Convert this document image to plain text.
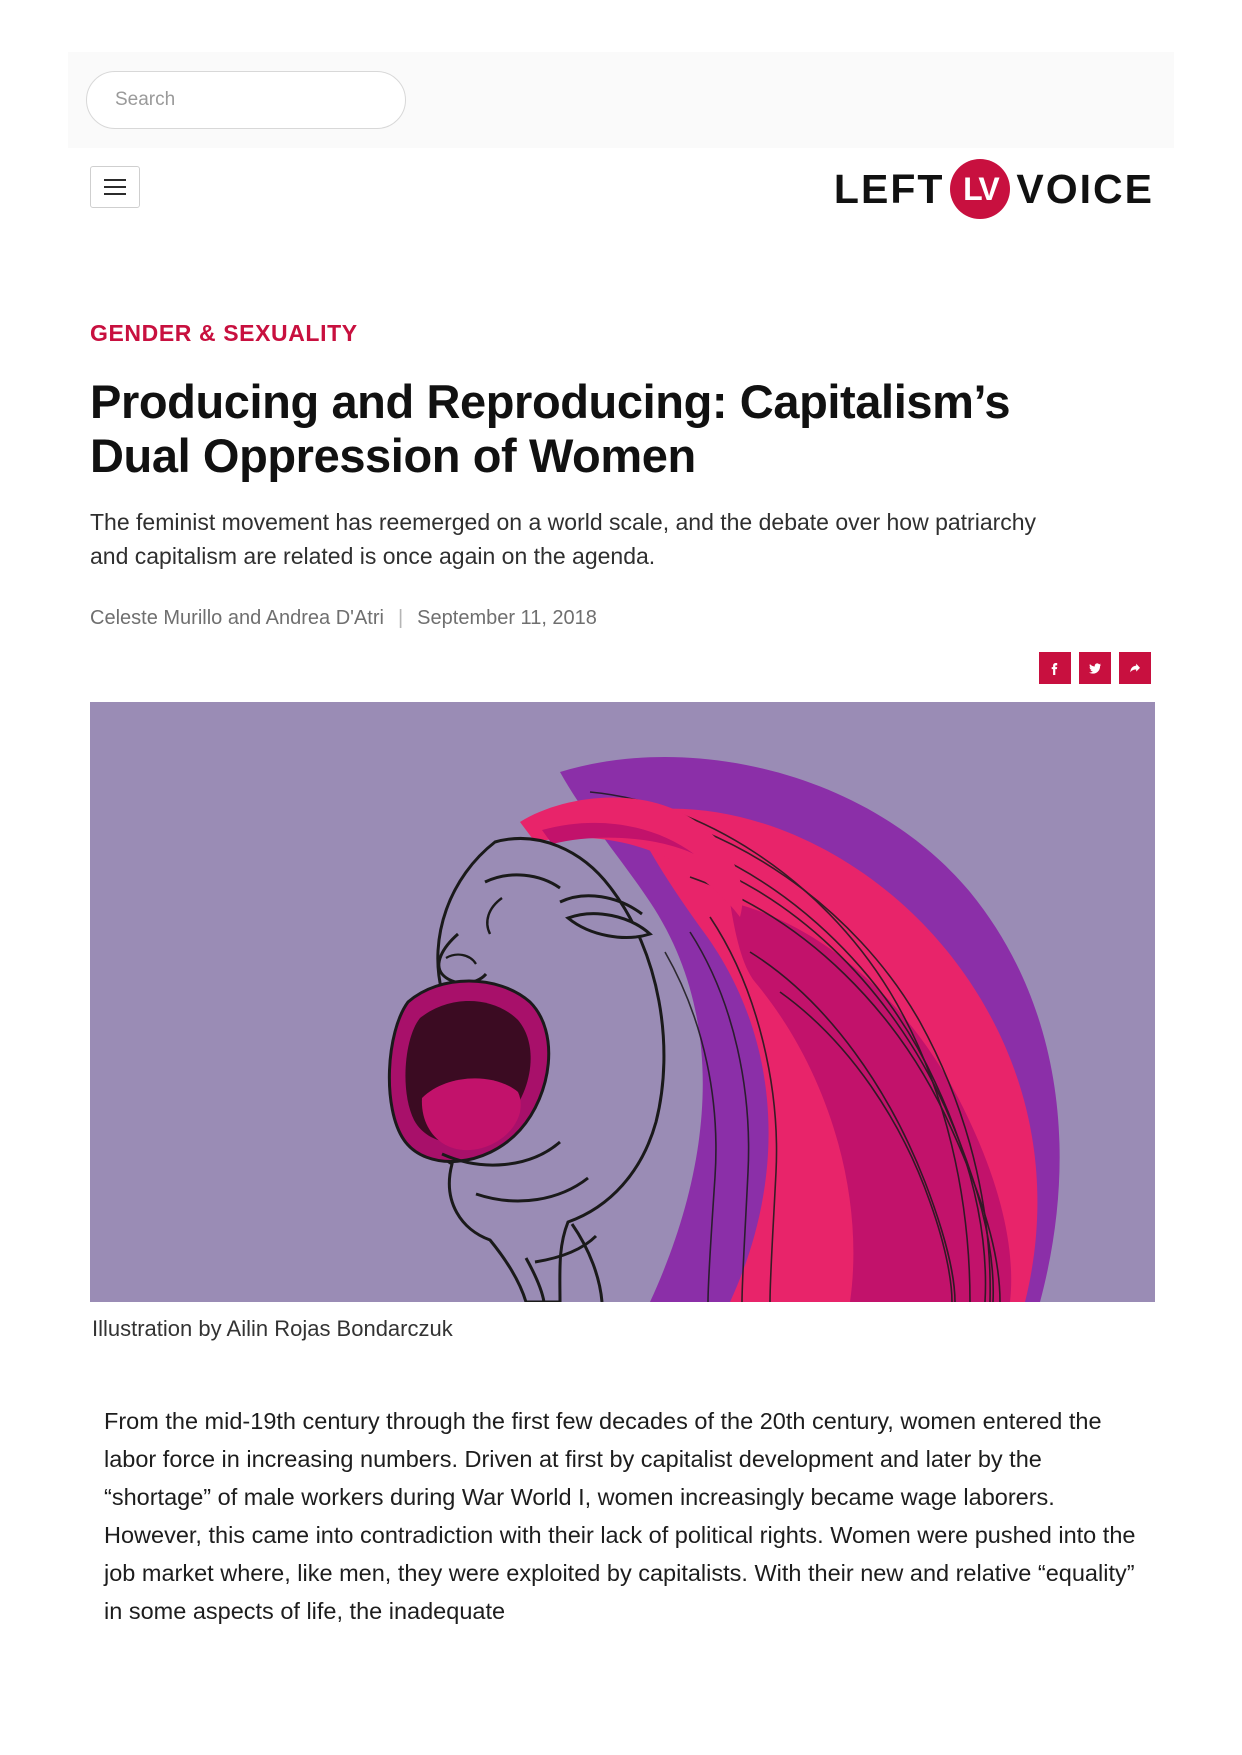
Search
LEFT LV VOICE
GENDER & SEXUALITY
Producing and Reproducing: Capitalism’s Dual Oppression of Women
The feminist movement has reemerged on a world scale, and the debate over how patriarchy and capitalism are related is once again on the agenda.
Celeste Murillo and Andrea D'Atri | September 11, 2018
Illustration by Ailin Rojas Bondarczuk

From the mid-19th century through the first few decades of the 20th century, women entered the labor force in increasing numbers. Driven at first by capitalist development and later by the “shortage” of male workers during War World I, women increasingly became wage laborers. However, this came into contradiction with their lack of political rights. Women were pushed into the job market where, like men, they were exploited by capitalists. With their new and relative “equality” in some aspects of life, the inadequate
